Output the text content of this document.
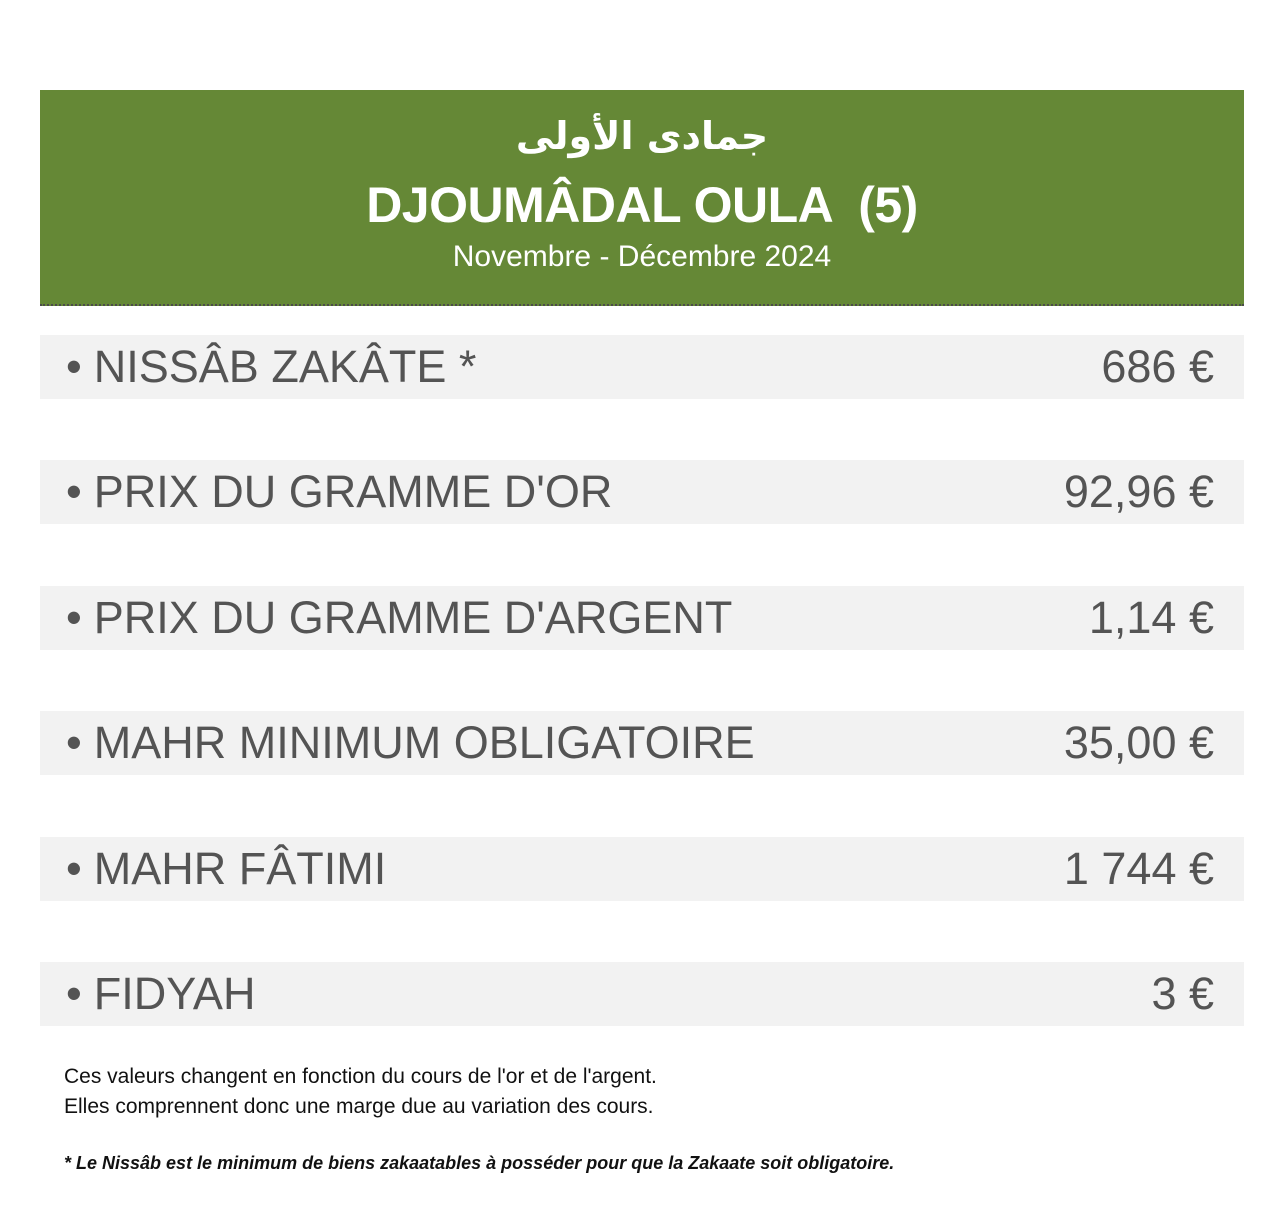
جمادى الأولى
DJOUMÂDAL OULA  (5)
Novembre - Décembre 2024
• NISSÂB ZAKÂTE *	686 €
• PRIX DU GRAMME D'OR	92,96 €
• PRIX DU GRAMME D'ARGENT	1,14 €
• MAHR MINIMUM OBLIGATOIRE	35,00 €
• MAHR FÂTIMI	1 744 €
• FIDYAH	3 €
Ces valeurs changent en fonction du cours de l'or et de l'argent.
Elles comprennent donc une marge due au variation des cours.
* Le Nissâb est le minimum de biens zakaatables à posséder pour que la Zakaate soit obligatoire.
